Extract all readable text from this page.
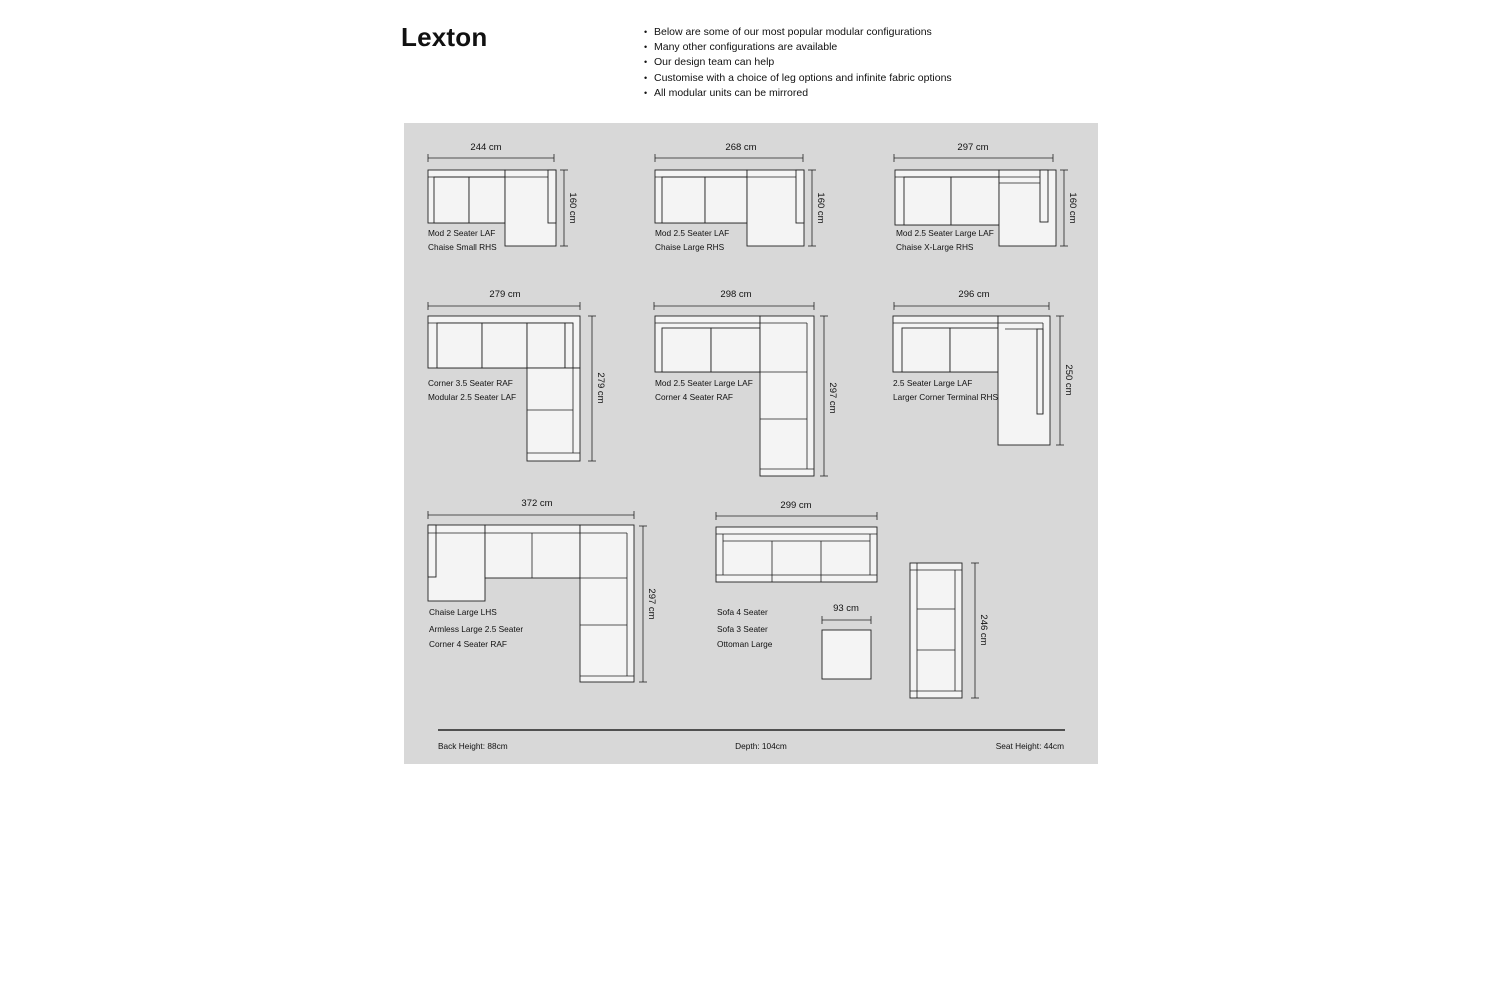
Lexton
•	Below are some of our most popular modular configurations
• Many other configurations are available
• Our design team can help
• Customise with a choice of leg options and infinite fabric options
• All modular units can be mirrored
244 cm
160 cm
Mod 2 Seater LAF
Chaise Small RHS
268 cm
160 cm
Mod 2.5 Seater LAF
Chaise Large RHS
297 cm
160 cm
Mod 2.5 Seater Large LAF
Chaise X-Large RHS
279 cm
279 cm
Corner 3.5 Seater RAF
Modular 2.5 Seater LAF
298 cm
297 cm
Mod 2.5 Seater Large LAF
Corner 4 Seater RAF
296 cm
250 cm
2.5 Seater Large LAF
Larger Corner Terminal RHS
372 cm
297 cm
Chaise Large LHS
Armless Large 2.5 Seater
Corner 4 Seater RAF
299 cm
93 cm
246 cm
Sofa 4 Seater
Sofa 3 Seater
Ottoman Large
Back Height: 88cm	Depth: 104cm	Seat Height: 44cm
